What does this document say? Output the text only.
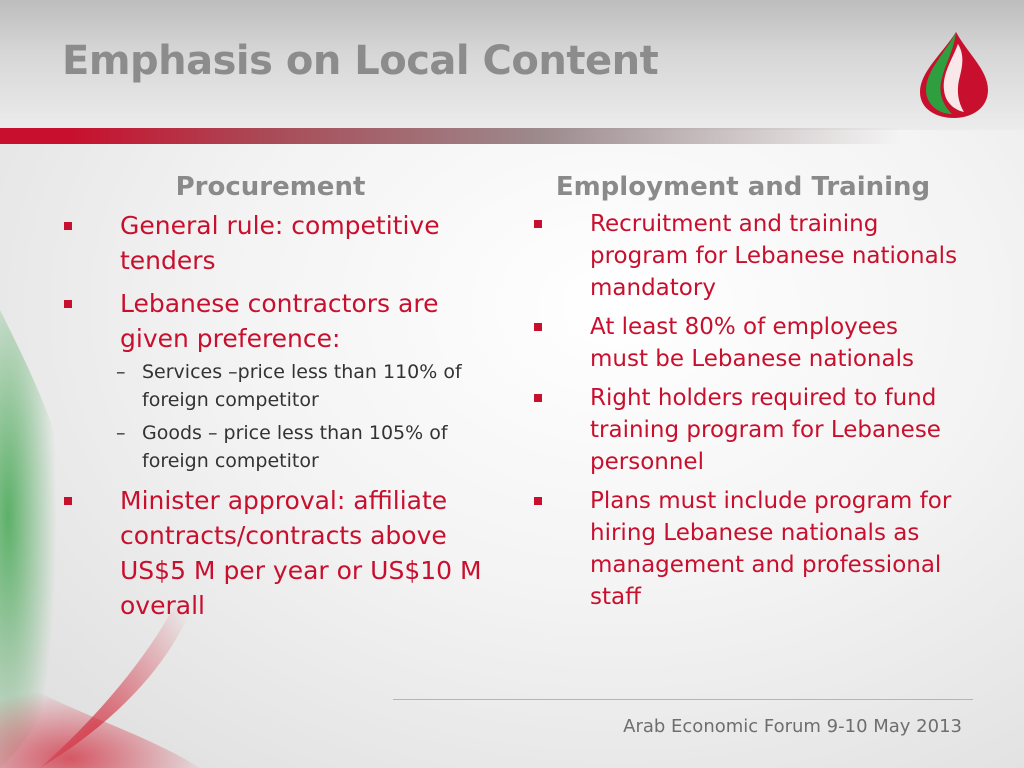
Emphasis on Local Content
Procurement
General rule: competitive tenders
Lebanese contractors are given preference:
– Services –price less than 110% of foreign competitor
– Goods – price less than 105% of foreign competitor
Minister approval: affiliate contracts/contracts above US$5 M per year or US$10 M overall
Employment and Training
Recruitment and training program for Lebanese nationals mandatory
At least 80% of employees must be Lebanese nationals
Right holders required to fund training program for Lebanese personnel
Plans must include program for hiring Lebanese nationals as management and professional staff
Arab Economic Forum 9-10 May 2013
